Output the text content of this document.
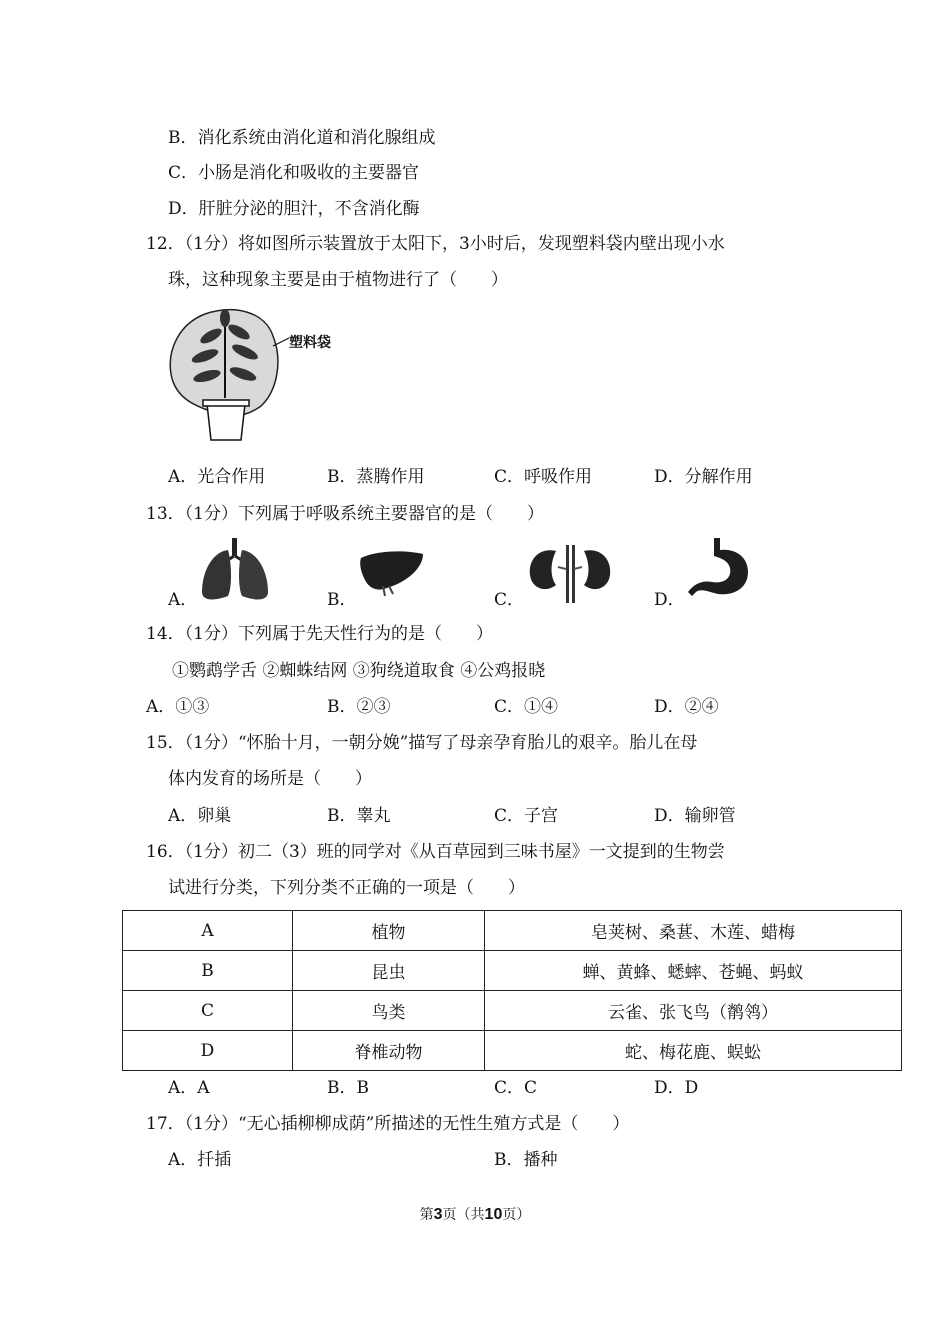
B．消化系统由消化道和消化腺组成
C．小肠是消化和吸收的主要器官
D．肝脏分泌的胆汁，不含消化酶
12．（1分）将如图所示装置放于太阳下，3小时后，发现塑料袋内壁出现小水
珠，这种现象主要是由于植物进行了（　　）
塑料袋
A．光合作用	B．蒸腾作用	C．呼吸作用	D．分解作用
13．（1分）下列属于呼吸系统主要器官的是（　　）
A．	B．	C．	D．
14．（1分）下列属于先天性行为的是（　　）
①鹦鹉学舌 ②蜘蛛结网 ③狗绕道取食 ④公鸡报晓
A．①③	B．②③	C．①④	D．②④
15．（1分）“怀胎十月，一朝分娩”描写了母亲孕育胎儿的艰辛。胎儿在母
体内发育的场所是（　　）
A．卵巢	B．睾丸	C．子宫	D．输卵管
16．（1分）初二（3）班的同学对《从百草园到三味书屋》一文提到的生物尝
试进行分类，下列分类不正确的一项是（　　）
A	植物	皂荚树、桑葚、木莲、蜡梅
B	昆虫	蝉、黄蜂、蟋蟀、苍蝇、蚂蚁
C	鸟类	云雀、张飞鸟（鹡鸰）
D	脊椎动物	蛇、梅花鹿、蜈蚣
A．A	B．B	C．C	D．D
17．（1分）“无心插柳柳成荫”所描述的无性生殖方式是（　　）
A．扦插	B．播种
第3页（共10页）
